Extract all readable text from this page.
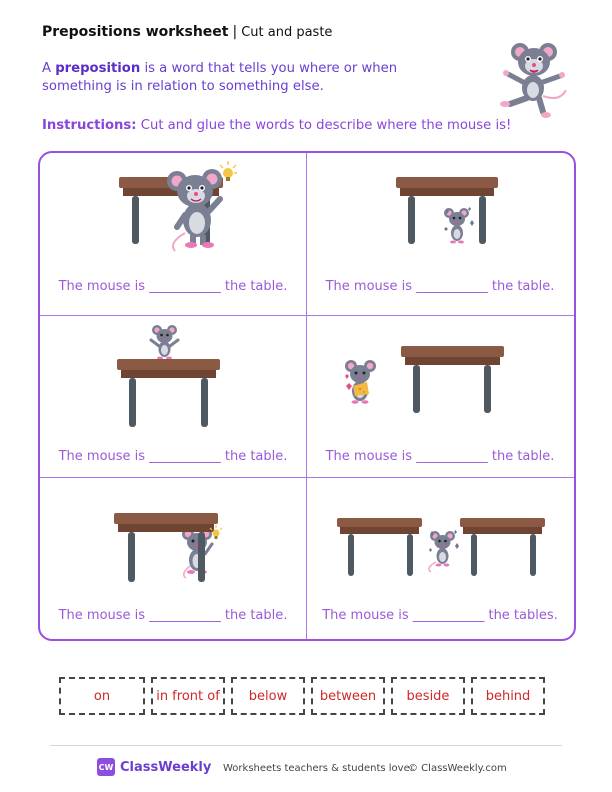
Prepositions worksheet | Cut and paste
A preposition is a word that tells you where or when something is in relation to something else.
Instructions: Cut and glue the words to describe where the mouse is!
The mouse is ___________ the table.	The mouse is ___________ the table.
The mouse is ___________ the table.	The mouse is ___________ the table.
The mouse is ___________ the table.	The mouse is ___________ the tables.
on	in front of	below	between	beside	behind
CW ClassWeekly Worksheets teachers & students love.
© ClassWeekly.com
